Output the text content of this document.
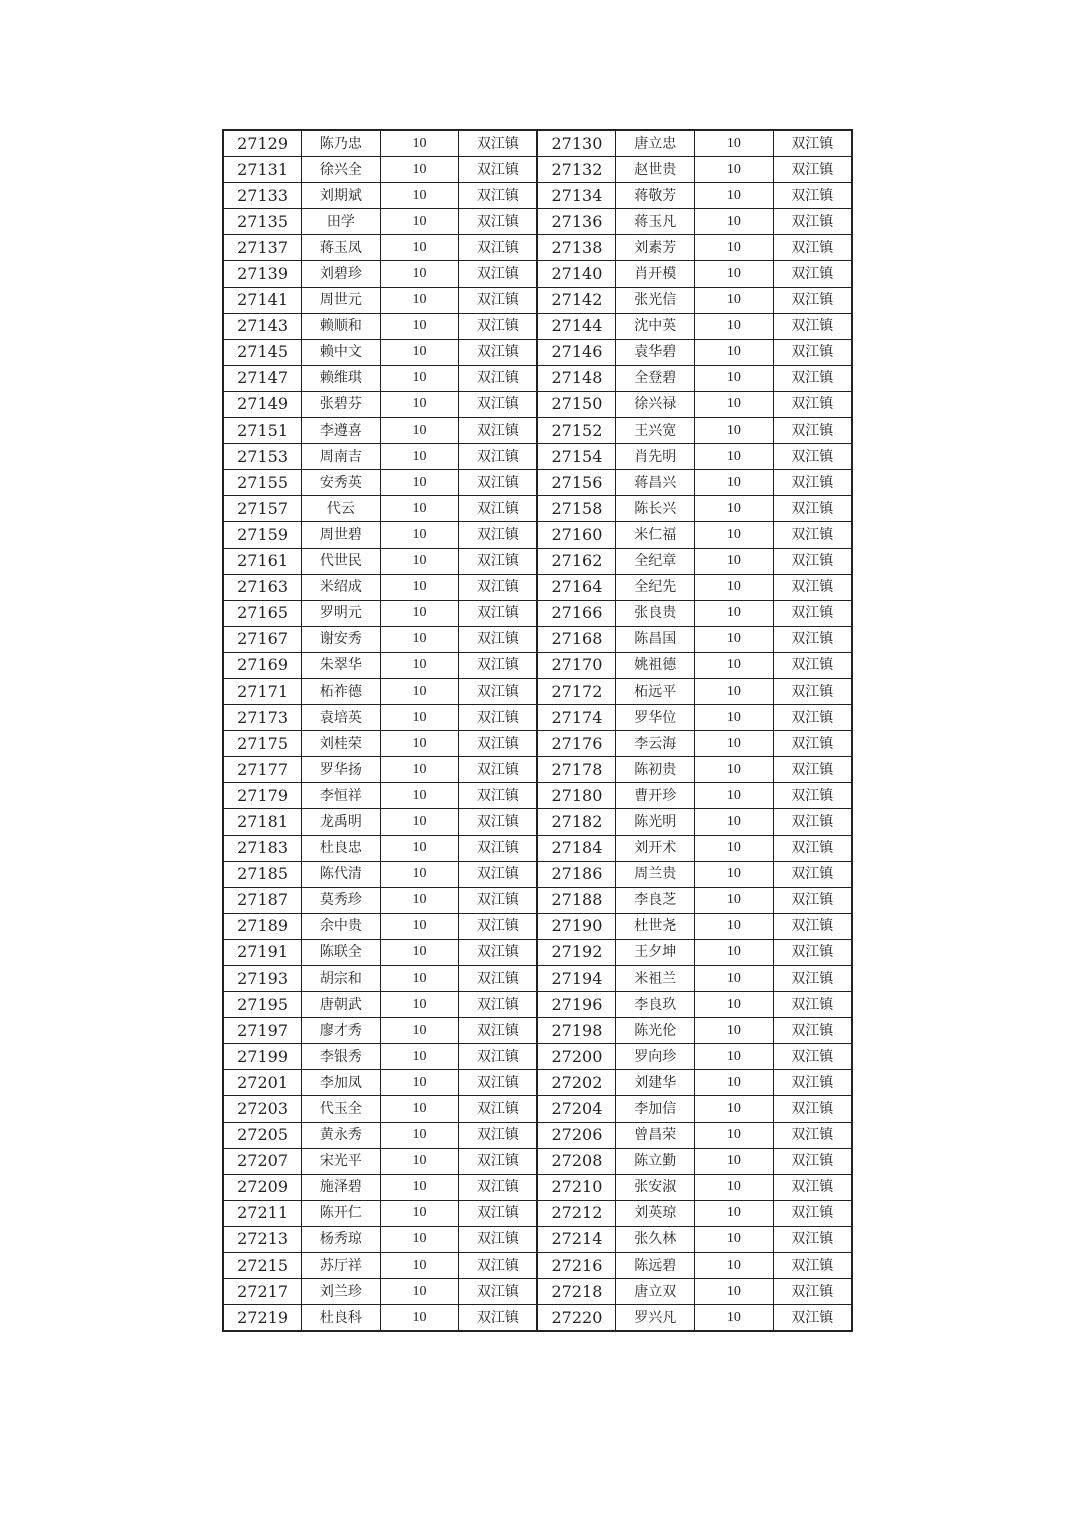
27129	陈乃忠	10	双江镇	27130	唐立忠	10	双江镇
27131	徐兴全	10	双江镇	27132	赵世贵	10	双江镇
27133	刘期斌	10	双江镇	27134	蒋敬芳	10	双江镇
27135	田学	10	双江镇	27136	蒋玉凡	10	双江镇
27137	蒋玉凤	10	双江镇	27138	刘素芳	10	双江镇
27139	刘碧珍	10	双江镇	27140	肖开模	10	双江镇
27141	周世元	10	双江镇	27142	张光信	10	双江镇
27143	赖顺和	10	双江镇	27144	沈中英	10	双江镇
27145	赖中文	10	双江镇	27146	袁华碧	10	双江镇
27147	赖维琪	10	双江镇	27148	全登碧	10	双江镇
27149	张碧芬	10	双江镇	27150	徐兴禄	10	双江镇
27151	李遵喜	10	双江镇	27152	王兴宽	10	双江镇
27153	周南吉	10	双江镇	27154	肖先明	10	双江镇
27155	安秀英	10	双江镇	27156	蒋昌兴	10	双江镇
27157	代云	10	双江镇	27158	陈长兴	10	双江镇
27159	周世碧	10	双江镇	27160	米仁福	10	双江镇
27161	代世民	10	双江镇	27162	全纪章	10	双江镇
27163	米绍成	10	双江镇	27164	全纪先	10	双江镇
27165	罗明元	10	双江镇	27166	张良贵	10	双江镇
27167	谢安秀	10	双江镇	27168	陈昌国	10	双江镇
27169	朱翠华	10	双江镇	27170	姚祖德	10	双江镇
27171	柘祚德	10	双江镇	27172	柘远平	10	双江镇
27173	袁培英	10	双江镇	27174	罗华位	10	双江镇
27175	刘桂荣	10	双江镇	27176	李云海	10	双江镇
27177	罗华扬	10	双江镇	27178	陈初贵	10	双江镇
27179	李恒祥	10	双江镇	27180	曹开珍	10	双江镇
27181	龙禹明	10	双江镇	27182	陈光明	10	双江镇
27183	杜良忠	10	双江镇	27184	刘开术	10	双江镇
27185	陈代清	10	双江镇	27186	周兰贵	10	双江镇
27187	莫秀珍	10	双江镇	27188	李良芝	10	双江镇
27189	余中贵	10	双江镇	27190	杜世尧	10	双江镇
27191	陈联全	10	双江镇	27192	王夕坤	10	双江镇
27193	胡宗和	10	双江镇	27194	米祖兰	10	双江镇
27195	唐朝武	10	双江镇	27196	李良玖	10	双江镇
27197	廖才秀	10	双江镇	27198	陈光伦	10	双江镇
27199	李银秀	10	双江镇	27200	罗向珍	10	双江镇
27201	李加凤	10	双江镇	27202	刘建华	10	双江镇
27203	代玉全	10	双江镇	27204	李加信	10	双江镇
27205	黄永秀	10	双江镇	27206	曾昌荣	10	双江镇
27207	宋光平	10	双江镇	27208	陈立勤	10	双江镇
27209	施泽碧	10	双江镇	27210	张安淑	10	双江镇
27211	陈开仁	10	双江镇	27212	刘英琼	10	双江镇
27213	杨秀琼	10	双江镇	27214	张久林	10	双江镇
27215	苏厅祥	10	双江镇	27216	陈远碧	10	双江镇
27217	刘兰珍	10	双江镇	27218	唐立双	10	双江镇
27219	杜良科	10	双江镇	27220	罗兴凡	10	双江镇
